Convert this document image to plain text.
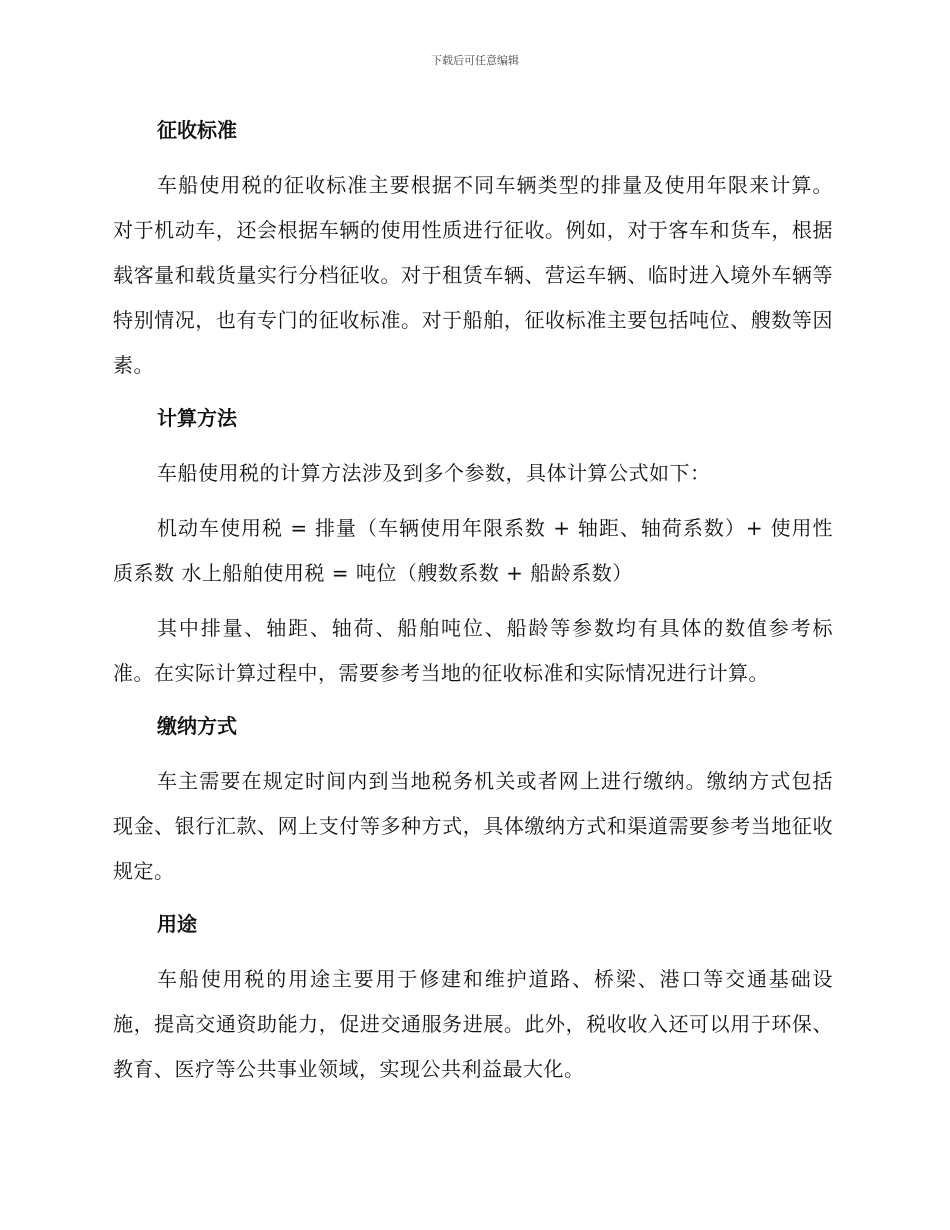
下载后可任意编辑
征收标准

车船使用税的征收标准主要根据不同车辆类型的排量及使用年限来计算。对于机动车，还会根据车辆的使用性质进行征收。例如，对于客车和货车，根据载客量和载货量实行分档征收。对于租赁车辆、营运车辆、临时进入境外车辆等特别情况，也有专门的征收标准。对于船舶，征收标准主要包括吨位、艘数等因素。

计算方法

车船使用税的计算方法涉及到多个参数，具体计算公式如下：

机动车使用税 = 排量（车辆使用年限系数 + 轴距、轴荷系数）+ 使用性质系数 水上船舶使用税 = 吨位（艘数系数 + 船龄系数）

其中排量、轴距、轴荷、船舶吨位、船龄等参数均有具体的数值参考标准。在实际计算过程中，需要参考当地的征收标准和实际情况进行计算。

缴纳方式

车主需要在规定时间内到当地税务机关或者网上进行缴纳。缴纳方式包括现金、银行汇款、网上支付等多种方式，具体缴纳方式和渠道需要参考当地征收规定。

用途

车船使用税的用途主要用于修建和维护道路、桥梁、港口等交通基础设施，提高交通资助能力，促进交通服务进展。此外，税收收入还可以用于环保、教育、医疗等公共事业领域，实现公共利益最大化。
